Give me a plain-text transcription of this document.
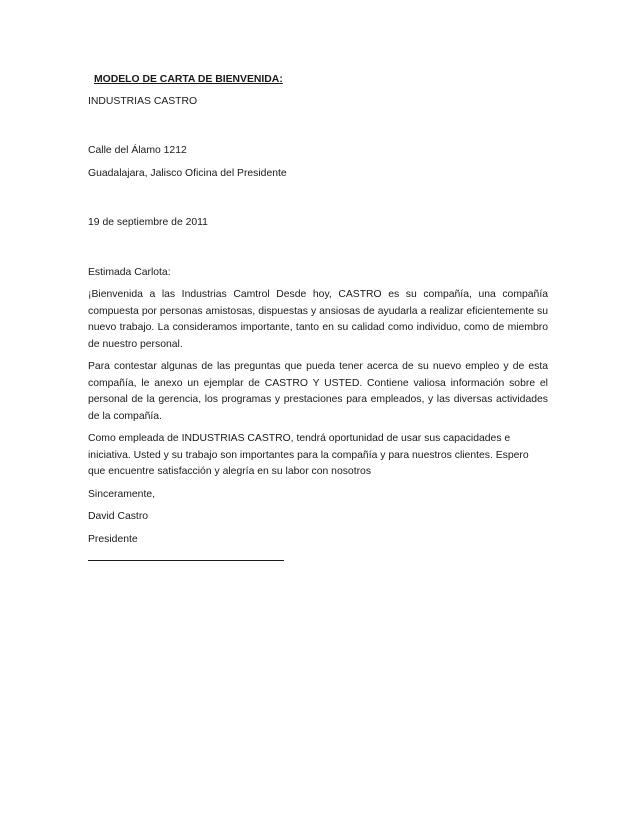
MODELO DE CARTA DE BIENVENIDA:

INDUSTRIAS CASTRO

Calle del Álamo 1212

Guadalajara, Jalisco Oficina del Presidente

19 de septiembre de 2011

Estimada Carlota:

¡Bienvenida a las Industrias Camtrol Desde hoy, CASTRO es su compañía, una compañía compuesta por personas amistosas, dispuestas y ansiosas de ayudarla a realizar eficientemente su nuevo trabajo. La consideramos importante, tanto en su calidad como individuo, como de miembro de nuestro personal.

Para contestar algunas de las preguntas que pueda tener acerca de su nuevo empleo y de esta compañía, le anexo un ejemplar de CASTRO Y USTED. Contiene valiosa información sobre el personal de la gerencia, los programas y prestaciones para empleados, y las diversas actividades de la compañía.

Como empleada de INDUSTRIAS CASTRO, tendrá oportunidad de usar sus capacidades e iniciativa. Usted y su trabajo son importantes para la compañía y para nuestros clientes. Espero que encuentre satisfacción y alegría en su labor con nosotros

Sinceramente,

David Castro

Presidente
